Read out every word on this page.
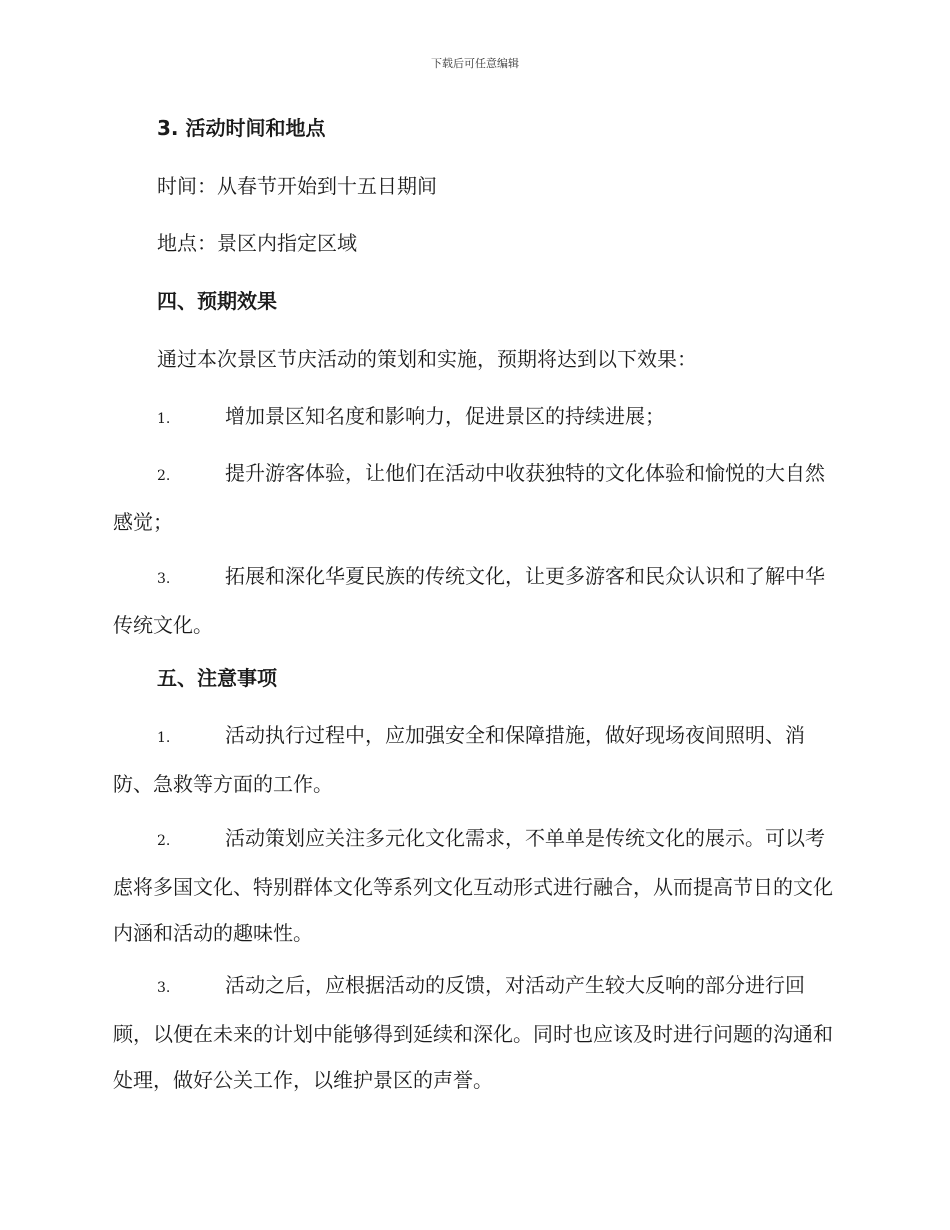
下载后可任意编辑
3. 活动时间和地点
时间：从春节开始到十五日期间
地点：景区内指定区域
四、预期效果
通过本次景区节庆活动的策划和实施，预期将达到以下效果：
1.	增加景区知名度和影响力，促进景区的持续进展；
2.	提升游客体验，让他们在活动中收获独特的文化体验和愉悦的大自然感觉；
3.	拓展和深化华夏民族的传统文化，让更多游客和民众认识和了解中华传统文化。
五、注意事项
1.	活动执行过程中，应加强安全和保障措施，做好现场夜间照明、消防、急救等方面的工作。
2.	活动策划应关注多元化文化需求，不单单是传统文化的展示。可以考虑将多国文化、特别群体文化等系列文化互动形式进行融合，从而提高节日的文化内涵和活动的趣味性。
3.	活动之后，应根据活动的反馈，对活动产生较大反响的部分进行回顾，以便在未来的计划中能够得到延续和深化。同时也应该及时进行问题的沟通和处理，做好公关工作，以维护景区的声誉。
